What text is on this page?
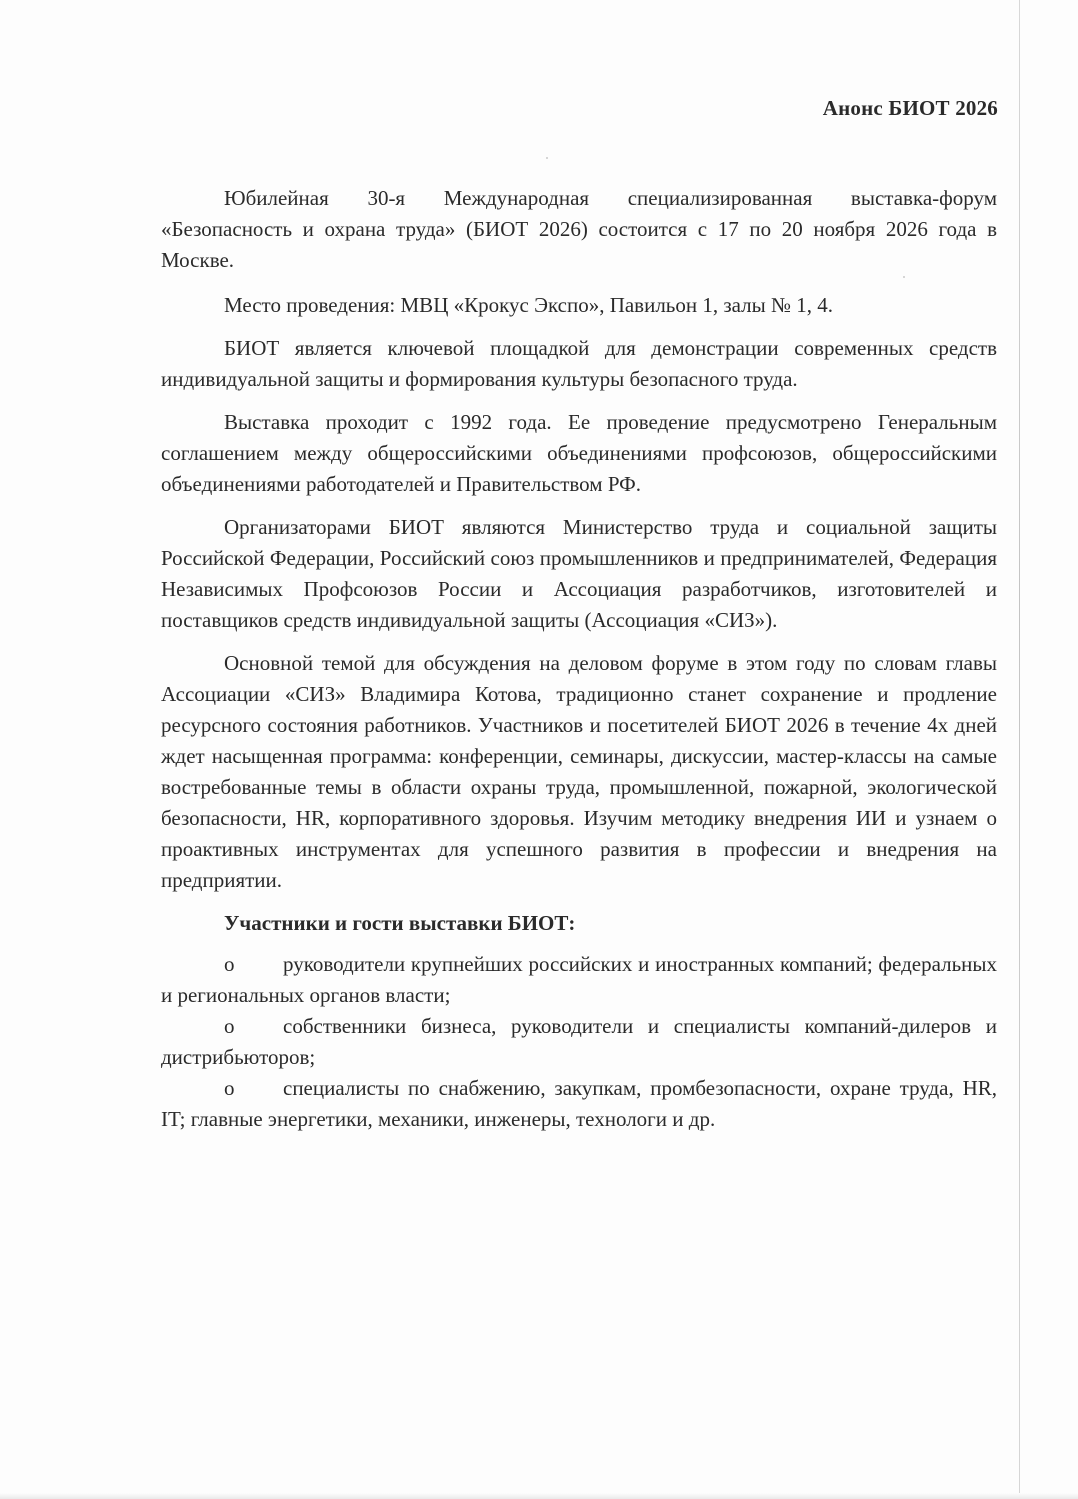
Анонс БИОТ 2026

Юбилейная 30-я Международная специализированная выставка-форум «Безопасность и охрана труда» (БИОТ 2026) состоится с 17 по 20 ноября 2026 года в Москве.

Место проведения: МВЦ «Крокус Экспо», Павильон 1, залы № 1, 4.

БИОТ является ключевой площадкой для демонстрации современных средств индивидуальной защиты и формирования культуры безопасного труда.

Выставка проходит с 1992 года. Ее проведение предусмотрено Генеральным соглашением между общероссийскими объединениями профсоюзов, общероссийскими объединениями работодателей и Правительством РФ.

Организаторами БИОТ являются Министерство труда и социальной защиты Российской Федерации, Российский союз промышленников и предпринимателей, Федерация Независимых Профсоюзов России и Ассоциация разработчиков, изготовителей и поставщиков средств индивидуальной защиты (Ассоциация «СИЗ»).

Основной темой для обсуждения на деловом форуме в этом году по словам главы Ассоциации «СИЗ» Владимира Котова, традиционно станет сохранение и продление ресурсного состояния работников. Участников и посетителей БИОТ 2026 в течение 4х дней ждет насыщенная программа: конференции, семинары, дискуссии, мастер-классы на самые востребованные темы в области охраны труда, промышленной, пожарной, экологической безопасности, HR, корпоративного здоровья. Изучим методику внедрения ИИ и узнаем о проактивных инструментах для успешного развития в профессии и внедрения на предприятии.

Участники и гости выставки БИОТ:

o руководители крупнейших российских и иностранных компаний; федеральных и региональных органов власти;

o собственники бизнеса, руководители и специалисты компаний-дилеров и дистрибьюторов;

o специалисты по снабжению, закупкам, промбезопасности, охране труда, HR, IT; главные энергетики, механики, инженеры, технологи и др.
